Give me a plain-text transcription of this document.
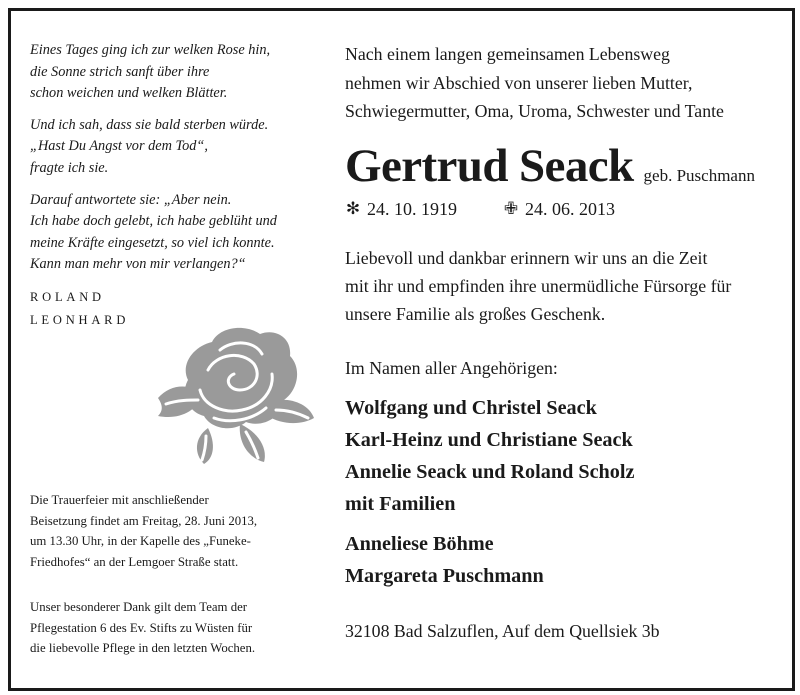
Eines Tages ging ich zur welken Rose hin,
die Sonne strich sanft über ihre
schon weichen und welken Blätter.

Und ich sah, dass sie bald sterben würde.
„Hast Du Angst vor dem Tod“,
fragte ich sie.

Darauf antwortete sie: „Aber nein.
Ich habe doch gelebt, ich habe geblüht und
meine Kräfte eingesetzt, so viel ich konnte.
Kann man mehr von mir verlangen?“

ROLAND
LEONHARD
Die Trauerfeier mit anschließender
Beisetzung findet am Freitag, 28. Juni 2013,
um 13.30 Uhr, in der Kapelle des „Funeke-
Friedhofes“ an der Lemgoer Straße statt.
Unser besonderer Dank gilt dem Team der
Pflegestation 6 des Ev. Stifts zu Wüsten für
die liebevolle Pflege in den letzten Wochen.
Nach einem langen gemeinsamen Lebensweg
nehmen wir Abschied von unserer lieben Mutter,
Schwiegermutter, Oma, Uroma, Schwester und Tante
Gertrud Seack geb. Puschmann
✻ 24. 10. 1919	✙ 24. 06. 2013
Liebevoll und dankbar erinnern wir uns an die Zeit
mit ihr und empfinden ihre unermüdliche Fürsorge für
unsere Familie als großes Geschenk.
Im Namen aller Angehörigen:
Wolfgang und Christel Seack
Karl-Heinz und Christiane Seack
Annelie Seack und Roland Scholz
mit Familien
Anneliese Böhme
Margareta Puschmann
32108 Bad Salzuflen, Auf dem Quellsiek 3b
